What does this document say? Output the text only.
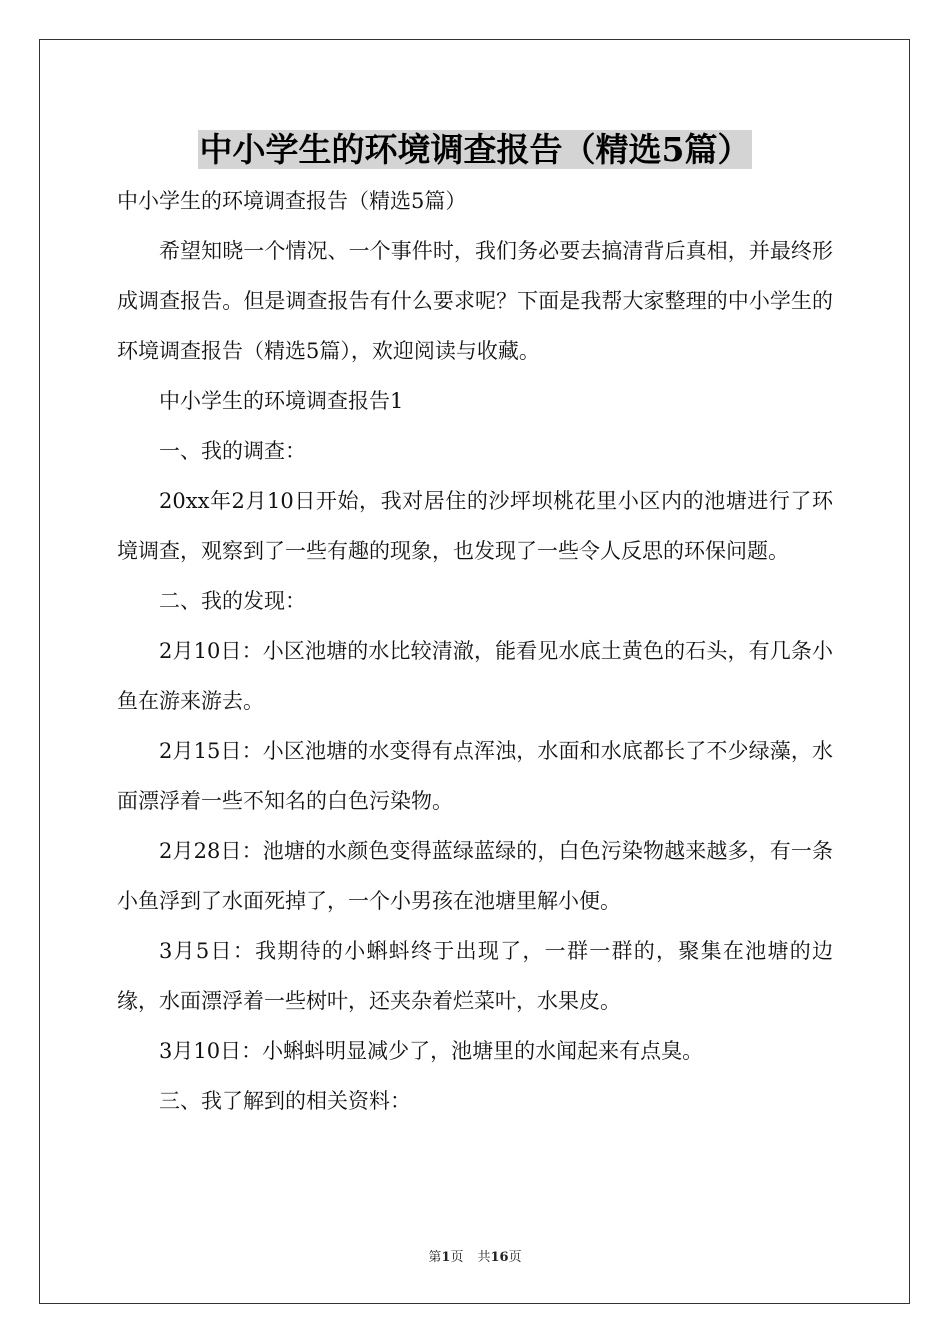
中小学生的环境调查报告（精选5篇）

中小学生的环境调查报告（精选5篇）

希望知晓一个情况、一个事件时，我们务必要去搞清背后真相，并最终形成调查报告。但是调查报告有什么要求呢？下面是我帮大家整理的中小学生的环境调查报告（精选5篇），欢迎阅读与收藏。

中小学生的环境调查报告1

一、我的调查：

20xx年2月10日开始，我对居住的沙坪坝桃花里小区内的池塘进行了环境调查，观察到了一些有趣的现象，也发现了一些令人反思的环保问题。

二、我的发现：

2月10日：小区池塘的水比较清澈，能看见水底土黄色的石头，有几条小鱼在游来游去。

2月15日：小区池塘的水变得有点浑浊，水面和水底都长了不少绿藻，水面漂浮着一些不知名的白色污染物。

2月28日：池塘的水颜色变得蓝绿蓝绿的，白色污染物越来越多，有一条小鱼浮到了水面死掉了，一个小男孩在池塘里解小便。

3月5日：我期待的小蝌蚪终于出现了，一群一群的，聚集在池塘的边缘，水面漂浮着一些树叶，还夹杂着烂菜叶，水果皮。

3月10日：小蝌蚪明显减少了，池塘里的水闻起来有点臭。

三、我了解到的相关资料：

第1页 共16页
